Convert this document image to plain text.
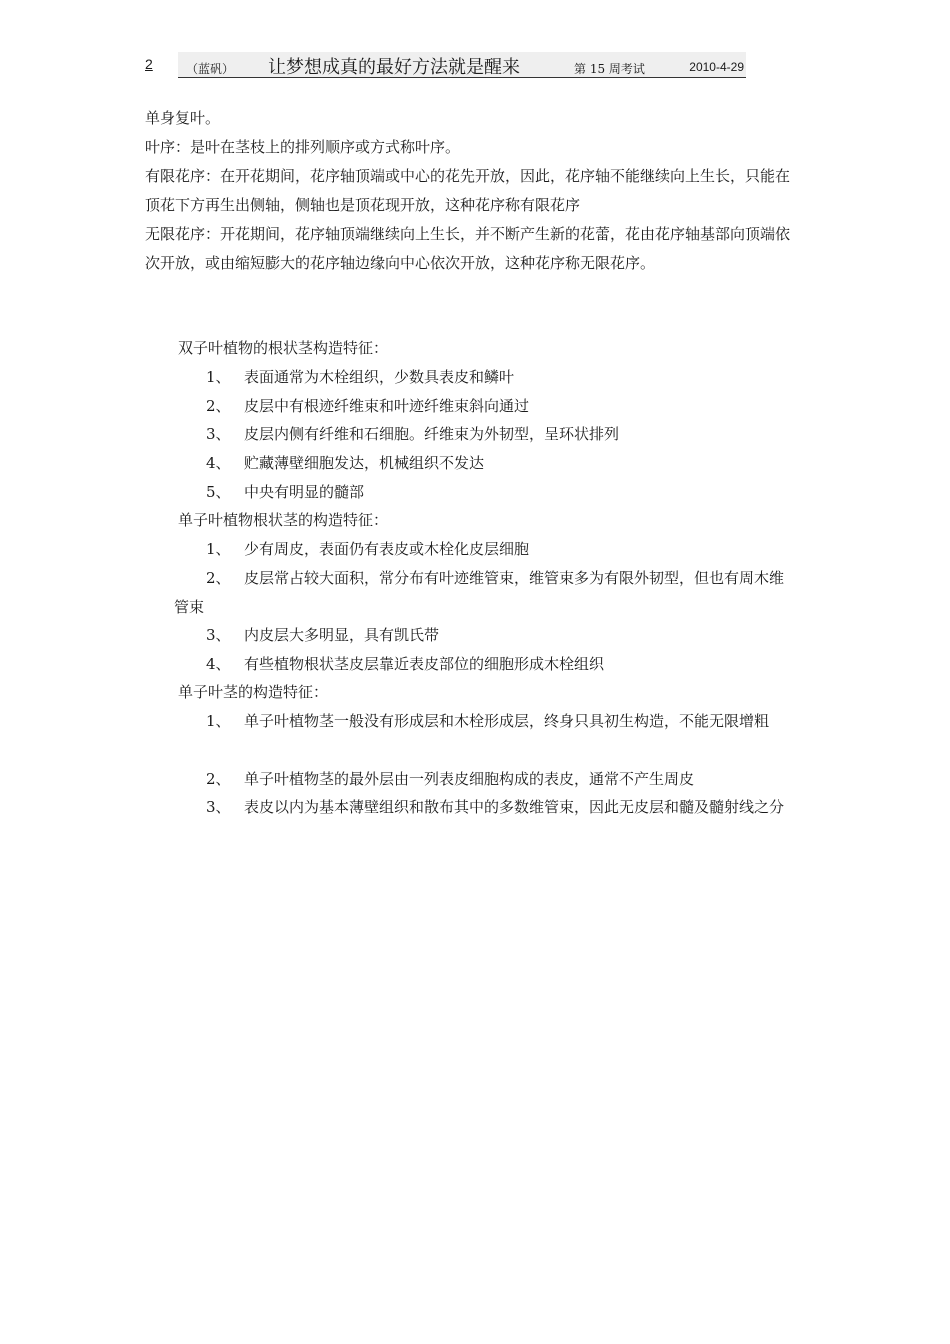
2	（蓝矾） 让梦想成真的最好方法就是醒来	第 15 周考试	2010-4-29

单身复叶。

叶序：是叶在茎枝上的排列顺序或方式称叶序。

有限花序：在开花期间，花序轴顶端或中心的花先开放，因此，花序轴不能继续向上生长，只能在顶花下方再生出侧轴，侧轴也是顶花现开放，这种花序称有限花序

无限花序：开花期间，花序轴顶端继续向上生长，并不断产生新的花蕾，花由花序轴基部向顶端依次开放，或由缩短膨大的花序轴边缘向中心依次开放，这种花序称无限花序。

双子叶植物的根状茎构造特征：

1、 表面通常为木栓组织，少数具表皮和鳞叶

2、 皮层中有根迹纤维束和叶迹纤维束斜向通过

3、 皮层内侧有纤维和石细胞。纤维束为外韧型，呈环状排列

4、 贮藏薄壁细胞发达，机械组织不发达

5、 中央有明显的髓部

单子叶植物根状茎的构造特征：

1、 少有周皮，表面仍有表皮或木栓化皮层细胞

2、 皮层常占较大面积，常分布有叶迹维管束，维管束多为有限外韧型，但也有周木维管束

3、 内皮层大多明显，具有凯氏带

4、 有些植物根状茎皮层靠近表皮部位的细胞形成木栓组织

单子叶茎的构造特征：

1、 单子叶植物茎一般没有形成层和木栓形成层，终身只具初生构造，不能无限增粗

2、 单子叶植物茎的最外层由一列表皮细胞构成的表皮，通常不产生周皮

3、 表皮以内为基本薄壁组织和散布其中的多数维管束，因此无皮层和髓及髓射线之分
